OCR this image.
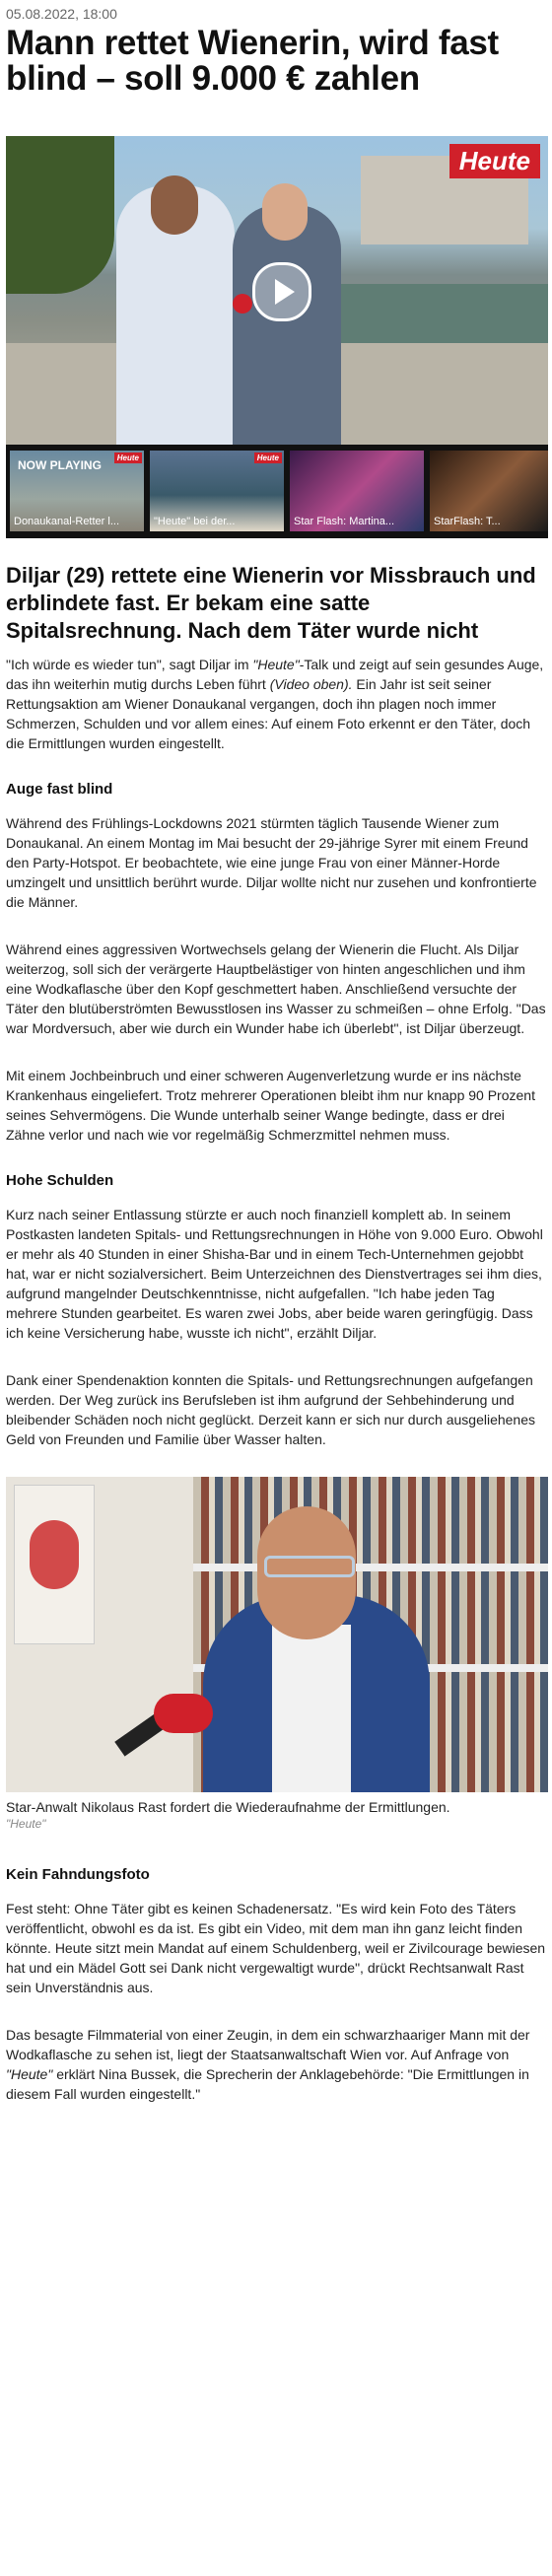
05.08.2022, 18:00
Mann rettet Wienerin, wird fast blind – soll 9.000 € zahlen
Heute
Heute
NOW PLAYING
Donaukanal-Retter l...
Heute
"Heute" bei der...	Star Flash: Martina...	StarFlash: T...
Diljar (29) rettete eine Wienerin vor Missbrauch und erblindete fast. Er bekam eine satte Spitalsrechnung. Nach dem Täter wurde nicht

"Ich würde es wieder tun", sagt Diljar im "Heute"-Talk und zeigt auf sein gesundes Auge, das ihn weiterhin mutig durchs Leben führt (Video oben). Ein Jahr ist seit seiner Rettungsaktion am Wiener Donaukanal vergangen, doch ihn plagen noch immer Schmerzen, Schulden und vor allem eines: Auf einem Foto erkennt er den Täter, doch die Ermittlungen wurden eingestellt.

Auge fast blind

Während des Frühlings-Lockdowns 2021 stürmten täglich Tausende Wiener zum Donaukanal. An einem Montag im Mai besucht der 29-jährige Syrer mit einem Freund den Party-Hotspot. Er beobachtete, wie eine junge Frau von einer Männer-Horde umzingelt und unsittlich berührt wurde. Diljar wollte nicht nur zusehen und konfrontierte die Männer.

Während eines aggressiven Wortwechsels gelang der Wienerin die Flucht. Als Diljar weiterzog, soll sich der verärgerte Hauptbelästiger von hinten angeschlichen und ihm eine Wodkaflasche über den Kopf geschmettert haben. Anschließend versuchte der Täter den blutüberströmten Bewusstlosen ins Wasser zu schmeißen – ohne Erfolg. "Das war Mordversuch, aber wie durch ein Wunder habe ich überlebt", ist Diljar überzeugt.

Mit einem Jochbeinbruch und einer schweren Augenverletzung wurde er ins nächste Krankenhaus eingeliefert. Trotz mehrerer Operationen bleibt ihm nur knapp 90 Prozent seines Sehvermögens. Die Wunde unterhalb seiner Wange bedingte, dass er drei Zähne verlor und nach wie vor regelmäßig Schmerzmittel nehmen muss.

Hohe Schulden

Kurz nach seiner Entlassung stürzte er auch noch finanziell komplett ab. In seinem Postkasten landeten Spitals- und Rettungsrechnungen in Höhe von 9.000 Euro. Obwohl er mehr als 40 Stunden in einer Shisha-Bar und in einem Tech-Unternehmen gejobbt hat, war er nicht sozialversichert. Beim Unterzeichnen des Dienstvertrages sei ihm dies, aufgrund mangelnder Deutschkenntnisse, nicht aufgefallen. "Ich habe jeden Tag mehrere Stunden gearbeitet. Es waren zwei Jobs, aber beide waren geringfügig. Dass ich keine Versicherung habe, wusste ich nicht", erzählt Diljar.

Dank einer Spendenaktion konnten die Spitals- und Rettungsrechnungen aufgefangen werden. Der Weg zurück ins Berufsleben ist ihm aufgrund der Sehbehinderung und bleibender Schäden noch nicht geglückt. Derzeit kann er sich nur durch ausgeliehenes Geld von Freunden und Familie über Wasser halten.

Star-Anwalt Nikolaus Rast fordert die Wiederaufnahme der Ermittlungen.
"Heute"
Kein Fahndungsfoto

Fest steht: Ohne Täter gibt es keinen Schadenersatz. "Es wird kein Foto des Täters veröffentlicht, obwohl es da ist. Es gibt ein Video, mit dem man ihn ganz leicht finden könnte. Heute sitzt mein Mandat auf einem Schuldenberg, weil er Zivilcourage bewiesen hat und ein Mädel Gott sei Dank nicht vergewaltigt wurde", drückt Rechtsanwalt Rast sein Unverständnis aus.

Das besagte Filmmaterial von einer Zeugin, in dem ein schwarzhaariger Mann mit der Wodkaflasche zu sehen ist, liegt der Staatsanwaltschaft Wien vor. Auf Anfrage von "Heute" erklärt Nina Bussek, die Sprecherin der Anklagebehörde: "Die Ermittlungen in diesem Fall wurden eingestellt."
